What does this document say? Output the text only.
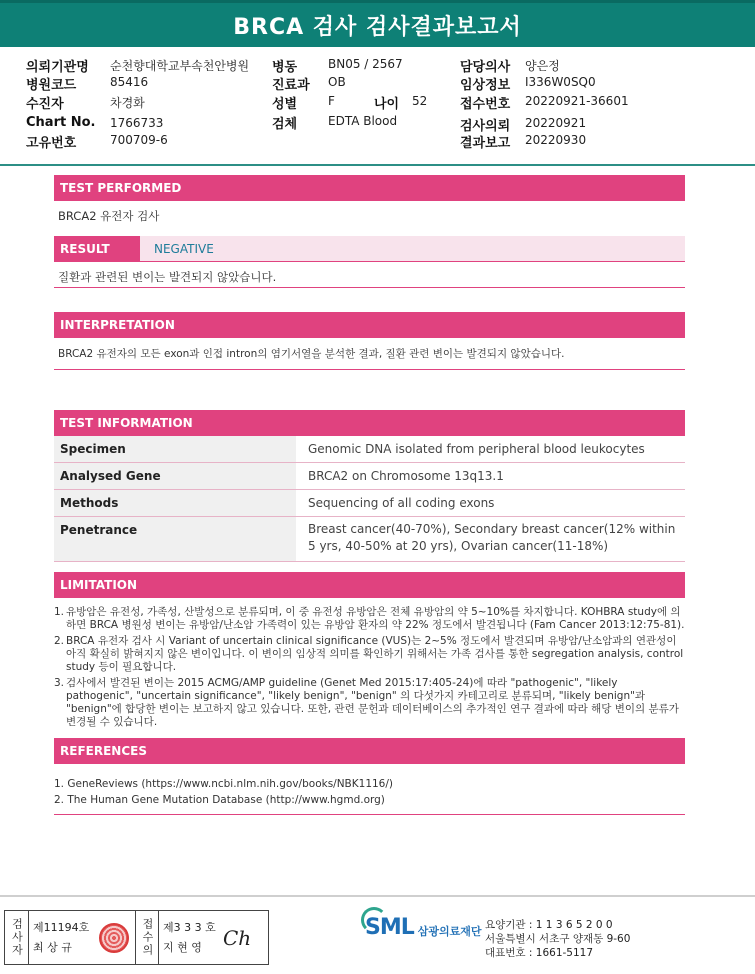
BRCA 검사 검사결과보고서
의뢰기관명 순천향대학교부속천안병원
병원코드	85416
수진자	차경화
Chart No. 1766733
고유번호	700709-6
병동	BN05 / 2567
진료과 OB
성별	F	나이 52
검체	EDTA Blood
담당의사 양은정
임상정보 I336W0SQ0
접수번호 20220921-36601
검사의뢰 20220921
결과보고 20220930
TEST PERFORMED
BRCA2 유전자 검사
RESULT	NEGATIVE
질환과 관련된 변이는 발견되지 않았습니다.
INTERPRETATION
BRCA2 유전자의 모든 exon과 인접 intron의 염기서열을 분석한 결과, 질환 관련 변이는 발견되지 않았습니다.
TEST INFORMATION
Specimen	Genomic DNA isolated from peripheral blood leukocytes
Analysed Gene	BRCA2 on Chromosome 13q13.1
Methods	Sequencing of all coding exons
Penetrance	Breast cancer(40-70%), Secondary breast cancer(12% within 5 yrs, 40-50% at 20 yrs), Ovarian cancer(11-18%)
LIMITATION
1. 유방암은 유전성, 가족성, 산발성으로 분류되며, 이 중 유전성 유방암은 전체 유방암의 약 5~10%를 차지합니다. KOHBRA study에 의하면 BRCA 병원성 변이는 유방암/난소암 가족력이 있는 유방암 환자의 약 22% 정도에서 발견됩니다 (Fam Cancer 2013:12:75-81).
2. BRCA 유전자 검사 시 Variant of uncertain clinical significance (VUS)는 2~5% 정도에서 발견되며 유방암/난소암과의 연관성이 아직 확실히 밝혀지지 않은 변이입니다. 이 변이의 임상적 의미를 확인하기 위해서는 가족 검사를 통한 segregation analysis, control study 등이 필요합니다.
3. 검사에서 발견된 변이는 2015 ACMG/AMP guideline (Genet Med 2015:17:405-24)에 따라 "pathogenic", "likely pathogenic", "uncertain significance", "likely benign", "benign" 의 다섯가지 카테고리로 분류되며, "likely benign"과 "benign"에 합당한 변이는 보고하지 않고 있습니다. 또한, 관련 문헌과 데이터베이스의 추가적인 연구 결과에 따라 해당 변이의 분류가 변경될 수 있습니다.
REFERENCES
1. GeneReviews (https://www.ncbi.nlm.nih.gov/books/NBK1116/)
2. The Human Gene Mutation Database (http://www.hgmd.org)
검사자 제11194호
최 상 규	접수의 제3 3 3 호
지 현 영	Ch	SML 삼광의료재단 요양기관 : 1 1 3 6 5 2 0 0
서울특별시 서초구 양재동 9-60
대표번호 : 1661-5117
